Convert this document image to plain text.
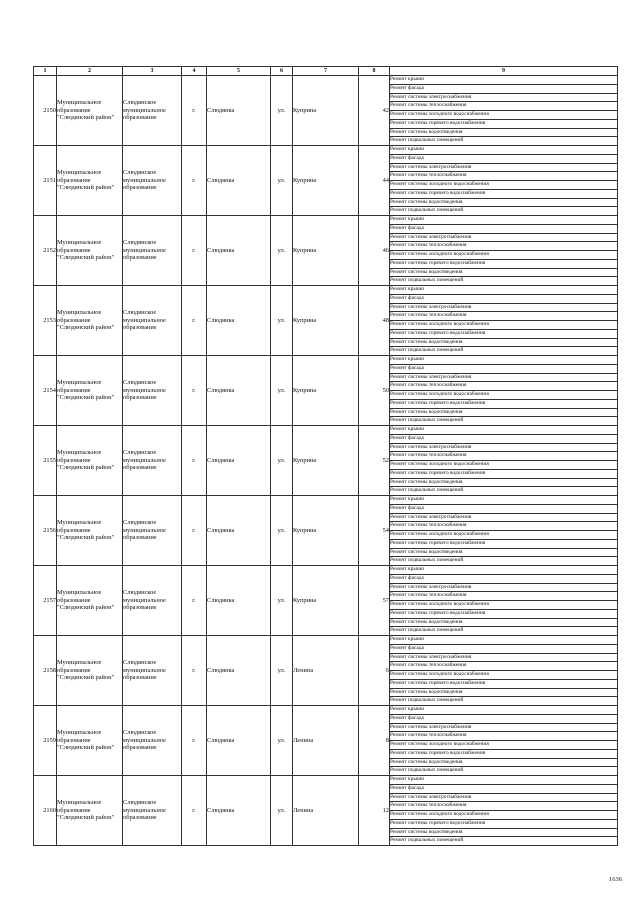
1	2	3	4	5	6	7	8	9
2150	Муниципальное образование "Слюдянский район"	Слюдянское муниципальное образование	г.	Слюдянка	ул.	Куприна	42	Ремонт крыши
								Ремонт фасада
								Ремонт системы электроснабжения
								Ремонт системы теплоснабжения
								Ремонт системы холодного водоснабжения
								Ремонт системы горячего водоснабжения
								Ремонт системы водоотведения
								Ремонт подвальных помещений
2151	Муниципальное образование "Слюдянский район"	Слюдянское муниципальное образование	г.	Слюдянка	ул.	Куприна	44	Ремонт крыши
								Ремонт фасада
								Ремонт системы электроснабжения
								Ремонт системы теплоснабжения
								Ремонт системы холодного водоснабжения
								Ремонт системы горячего водоснабжения
								Ремонт системы водоотведения
								Ремонт подвальных помещений
2152	Муниципальное образование "Слюдянский район"	Слюдянское муниципальное образование	г.	Слюдянка	ул.	Куприна	46	Ремонт крыши
								Ремонт фасада
								Ремонт системы электроснабжения
								Ремонт системы теплоснабжения
								Ремонт системы холодного водоснабжения
								Ремонт системы горячего водоснабжения
								Ремонт системы водоотведения
								Ремонт подвальных помещений
2153	Муниципальное образование "Слюдянский район"	Слюдянское муниципальное образование	г.	Слюдянка	ул.	Куприна	48	Ремонт крыши
								Ремонт фасада
								Ремонт системы электроснабжения
								Ремонт системы теплоснабжения
								Ремонт системы холодного водоснабжения
								Ремонт системы горячего водоснабжения
								Ремонт системы водоотведения
								Ремонт подвальных помещений
2154	Муниципальное образование "Слюдянский район"	Слюдянское муниципальное образование	г.	Слюдянка	ул.	Куприна	50	Ремонт крыши
								Ремонт фасада
								Ремонт системы электроснабжения
								Ремонт системы теплоснабжения
								Ремонт системы холодного водоснабжения
								Ремонт системы горячего водоснабжения
								Ремонт системы водоотведения
								Ремонт подвальных помещений
2155	Муниципальное образование "Слюдянский район"	Слюдянское муниципальное образование	г.	Слюдянка	ул.	Куприна	52	Ремонт крыши
								Ремонт фасада
								Ремонт системы электроснабжения
								Ремонт системы теплоснабжения
								Ремонт системы холодного водоснабжения
								Ремонт системы горячего водоснабжения
								Ремонт системы водоотведения
								Ремонт подвальных помещений
2156	Муниципальное образование "Слюдянский район"	Слюдянское муниципальное образование	г.	Слюдянка	ул.	Куприна	54	Ремонт крыши
								Ремонт фасада
								Ремонт системы электроснабжения
								Ремонт системы теплоснабжения
								Ремонт системы холодного водоснабжения
								Ремонт системы горячего водоснабжения
								Ремонт системы водоотведения
								Ремонт подвальных помещений
2157	Муниципальное образование "Слюдянский район"	Слюдянское муниципальное образование	г.	Слюдянка	ул.	Куприна	57	Ремонт крыши
								Ремонт фасада
								Ремонт системы электроснабжения
								Ремонт системы теплоснабжения
								Ремонт системы холодного водоснабжения
								Ремонт системы горячего водоснабжения
								Ремонт системы водоотведения
								Ремонт подвальных помещений
2158	Муниципальное образование "Слюдянский район"	Слюдянское муниципальное образование	г.	Слюдянка	ул.	Ленина	6	Ремонт крыши
								Ремонт фасада
								Ремонт системы электроснабжения
								Ремонт системы теплоснабжения
								Ремонт системы холодного водоснабжения
								Ремонт системы горячего водоснабжения
								Ремонт системы водоотведения
								Ремонт подвальных помещений
2159	Муниципальное образование "Слюдянский район"	Слюдянское муниципальное образование	г.	Слюдянка	ул.	Ленина	8	Ремонт крыши
								Ремонт фасада
								Ремонт системы электроснабжения
								Ремонт системы теплоснабжения
								Ремонт системы холодного водоснабжения
								Ремонт системы горячего водоснабжения
								Ремонт системы водоотведения
								Ремонт подвальных помещений
2160	Муниципальное образование "Слюдянский район"	Слюдянское муниципальное образование	г.	Слюдянка	ул.	Ленина	12	Ремонт крыши
								Ремонт фасада
								Ремонт системы электроснабжения
								Ремонт системы теплоснабжения
								Ремонт системы холодного водоснабжения
								Ремонт системы горячего водоснабжения
								Ремонт системы водоотведения
								Ремонт подвальных помещений
1636
